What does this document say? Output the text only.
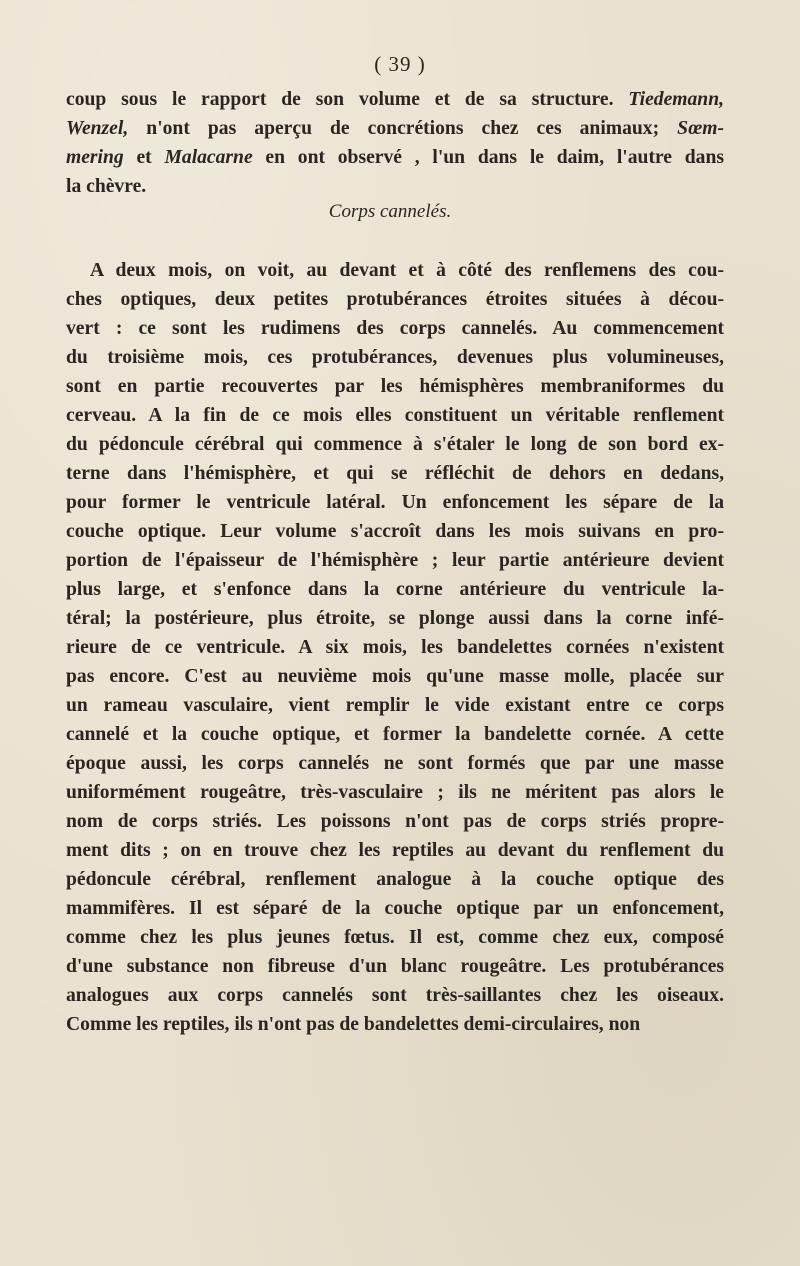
( 39 )
coup sous le rapport de son volume et de sa structure. Tiedemann,
Wenzel, n'ont pas aperçu de concrétions chez ces animaux; Sœm-
mering et Malacarne en ont observé , l'un dans le daim, l'autre dans
la chèvre.
Corps cannelés.
A deux mois, on voit, au devant et à côté des renflemens des cou-
ches optiques, deux petites protubérances étroites situées à décou-
vert : ce sont les rudimens des corps cannelés. Au commencement
du troisième mois, ces protubérances, devenues plus volumineuses,
sont en partie recouvertes par les hémisphères membraniformes du
cerveau. A la fin de ce mois elles constituent un véritable renflement
du pédoncule cérébral qui commence à s'étaler le long de son bord ex-
terne dans l'hémisphère, et qui se réfléchit de dehors en dedans,
pour former le ventricule latéral. Un enfoncement les sépare de la
couche optique. Leur volume s'accroît dans les mois suivans en pro-
portion de l'épaisseur de l'hémisphère ; leur partie antérieure devient
plus large, et s'enfonce dans la corne antérieure du ventricule la-
téral; la postérieure, plus étroite, se plonge aussi dans la corne infé-
rieure de ce ventricule. A six mois, les bandelettes cornées n'existent
pas encore. C'est au neuvième mois qu'une masse molle, placée sur
un rameau vasculaire, vient remplir le vide existant entre ce corps
cannelé et la couche optique, et former la bandelette cornée. A cette
époque aussi, les corps cannelés ne sont formés que par une masse
uniformément rougeâtre, très-vasculaire ; ils ne méritent pas alors le
nom de corps striés. Les poissons n'ont pas de corps striés propre-
ment dits ; on en trouve chez les reptiles au devant du renflement du
pédoncule cérébral, renflement analogue à la couche optique des
mammifères. Il est séparé de la couche optique par un enfoncement,
comme chez les plus jeunes fœtus. Il est, comme chez eux, composé
d'une substance non fibreuse d'un blanc rougeâtre. Les protubérances
analogues aux corps cannelés sont très-saillantes chez les oiseaux.
Comme les reptiles, ils n'ont pas de bandelettes demi-circulaires, non
